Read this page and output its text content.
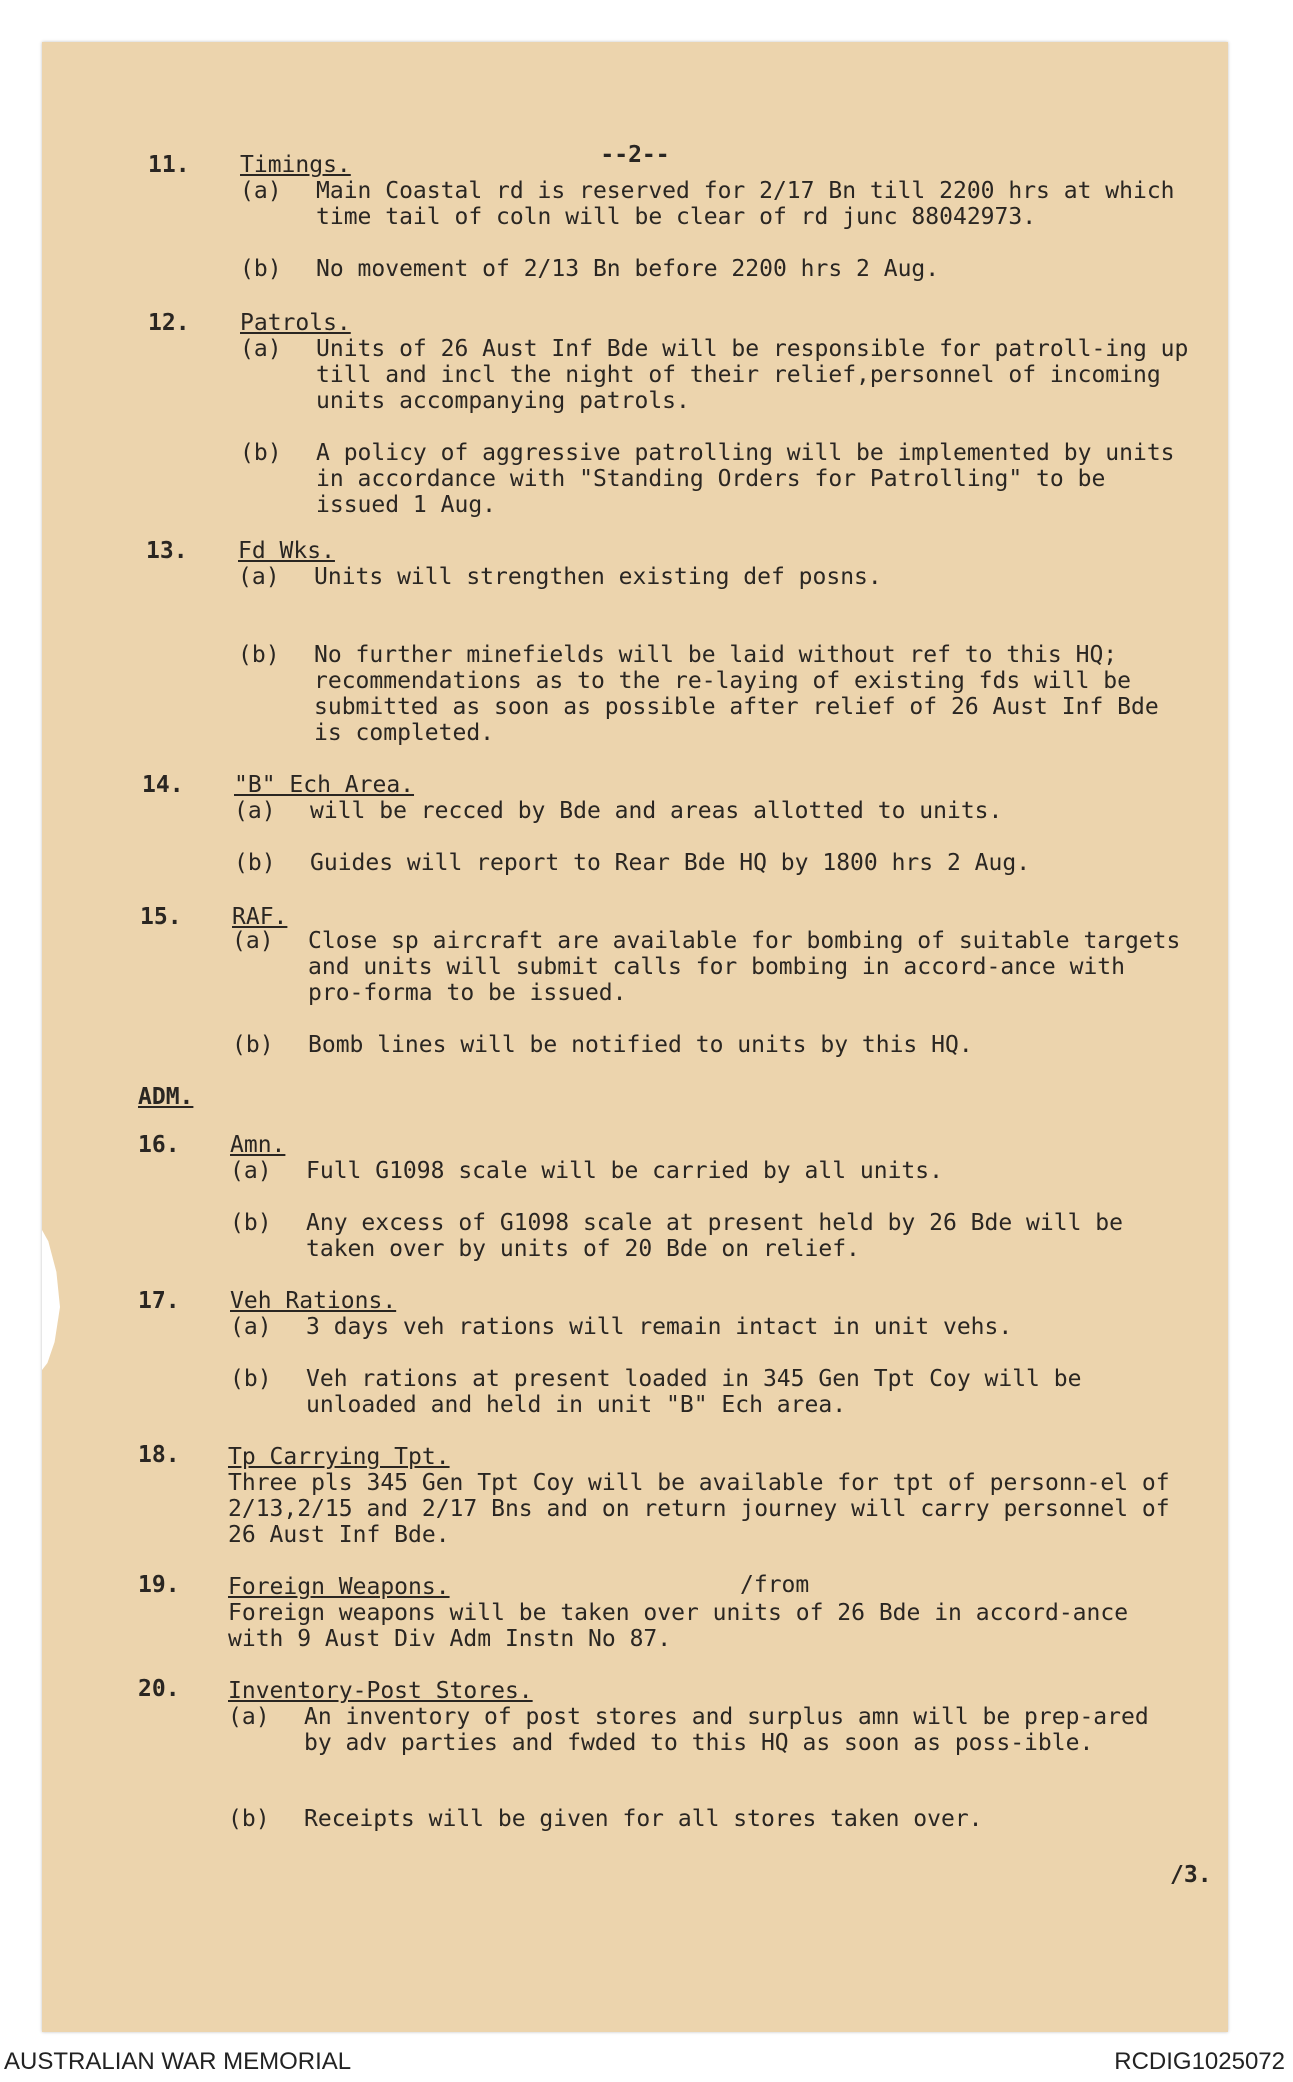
--2--
11. Timings.
(a) Main Coastal rd is reserved for 2/17 Bn till 2200 hrs at which time tail of coln will be clear of rd junc 88042973.
(b) No movement of 2/13 Bn before 2200 hrs 2 Aug.
12. Patrols.
(a) Units of 26 Aust Inf Bde will be responsible for patroll-ing up till and incl the night of their relief,personnel of incoming units accompanying patrols.
(b) A policy of aggressive patrolling will be implemented by units in accordance with "Standing Orders for Patrolling" to be issued 1 Aug.
13. Fd Wks.
(a) Units will strengthen existing def posns.
(b) No further minefields will be laid without ref to this HQ; recommendations as to the re-laying of existing fds will be submitted as soon as possible after relief of 26 Aust Inf Bde is completed.
14. "B" Ech Area.
(a) will be recced by Bde and areas allotted to units.
(b) Guides will report to Rear Bde HQ by 1800 hrs 2 Aug.
15. RAF.
(a) Close sp aircraft are available for bombing of suitable targets and units will submit calls for bombing in accord-ance with pro-forma to be issued.
(b) Bomb lines will be notified to units by this HQ.
ADM.
16. Amn.
(a) Full G1098 scale will be carried by all units.
(b) Any excess of G1098 scale at present held by 26 Bde will be taken over by units of 20 Bde on relief.
17. Veh Rations.
(a) 3 days veh rations will remain intact in unit vehs.
(b) Veh rations at present loaded in 345 Gen Tpt Coy will be unloaded and held in unit "B" Ech area.
18. Tp Carrying Tpt.
Three pls 345 Gen Tpt Coy will be available for tpt of personn-el of 2/13,2/15 and 2/17 Bns and on return journey will carry personnel of 26 Aust Inf Bde.
19. Foreign Weapons.	/from
Foreign weapons will be taken over units of 26 Bde in accord-ance with 9 Aust Div Adm Instn No 87.
20. Inventory-Post Stores.
(a) An inventory of post stores and surplus amn will be prep-ared by adv parties and fwded to this HQ as soon as poss-ible.
(b) Receipts will be given for all stores taken over.
/3.
AUSTRALIAN WAR MEMORIAL	RCDIG1025072
